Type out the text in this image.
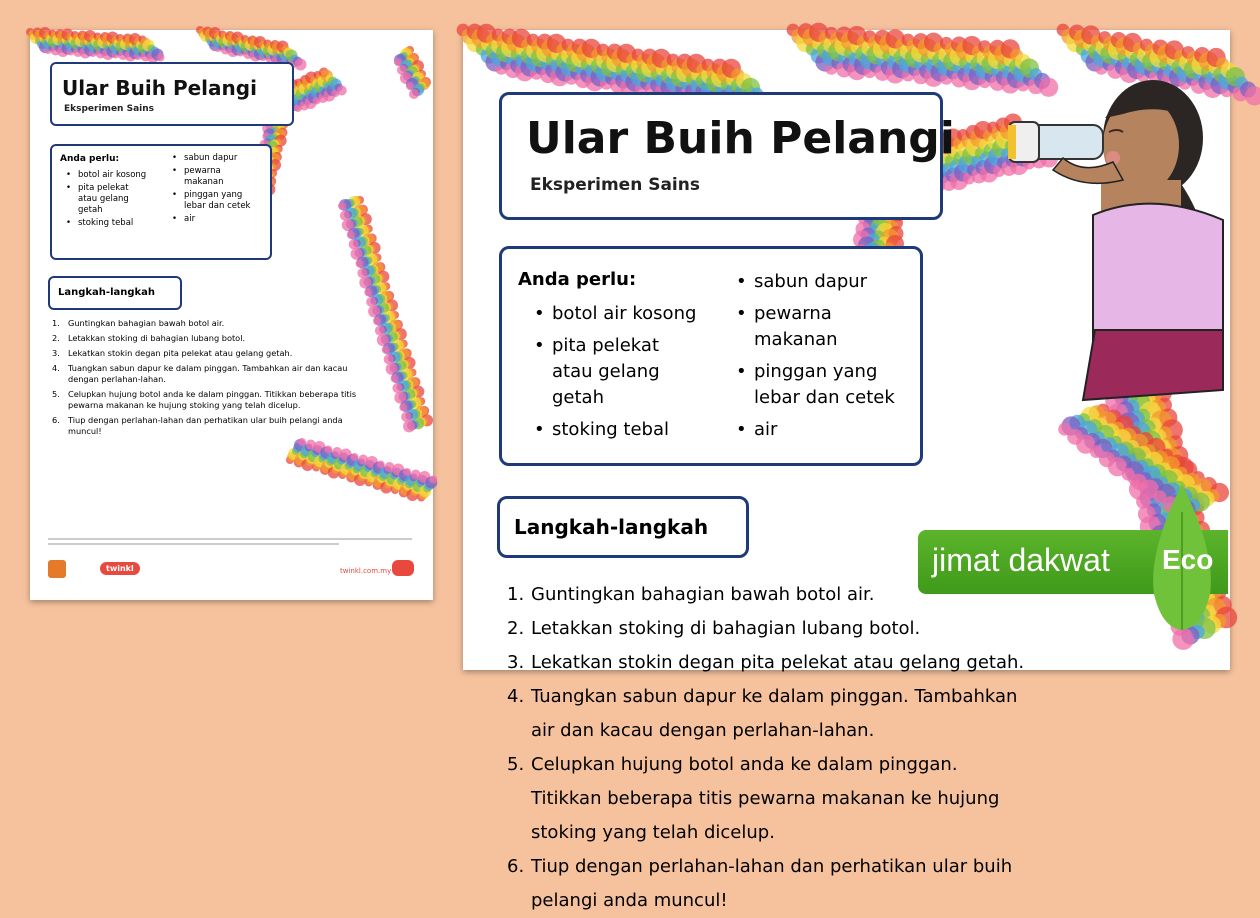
Ular Buih Pelangi
Eksperimen Sains
Anda perlu:
• botol air kosong
• pita pelekat
atau gelang
getah
• stoking tebal
• sabun dapur
• pewarna
makanan
• pinggan yang
lebar dan cetek
• air
Langkah-langkah
1. Guntingkan bahagian bawah botol air.
2. Letakkan stoking di bahagian lubang botol.
3. Lekatkan stokin degan pita pelekat atau gelang getah.
4. Tuangkan sabun dapur ke dalam pinggan. Tambahkan air dan kacau dengan perlahan-lahan.
5. Celupkan hujung botol anda ke dalam pinggan. Titikkan beberapa titis pewarna makanan ke hujung stoking yang telah dicelup.
6. Tiup dengan perlahan-lahan dan perhatikan ular buih pelangi anda muncul!
twinkl	twinkl.com.my
Ular Buih Pelangi
Eksperimen Sains
Anda perlu:
• botol air kosong
• pita pelekat
atau gelang
getah
• stoking tebal
• sabun dapur
• pewarna
makanan
• pinggan yang
lebar dan cetek
• air
Langkah-langkah
1. Guntingkan bahagian bawah botol air.
2. Letakkan stoking di bahagian lubang botol.
3. Lekatkan stokin degan pita pelekat atau gelang getah.
4. Tuangkan sabun dapur ke dalam pinggan. Tambahkan air dan kacau dengan perlahan-lahan.
5. Celupkan hujung botol anda ke dalam pinggan. Titikkan beberapa titis pewarna makanan ke hujung stoking yang telah dicelup.
6. Tiup dengan perlahan-lahan dan perhatikan ular buih pelangi anda muncul!
jimat dakwat Eco
